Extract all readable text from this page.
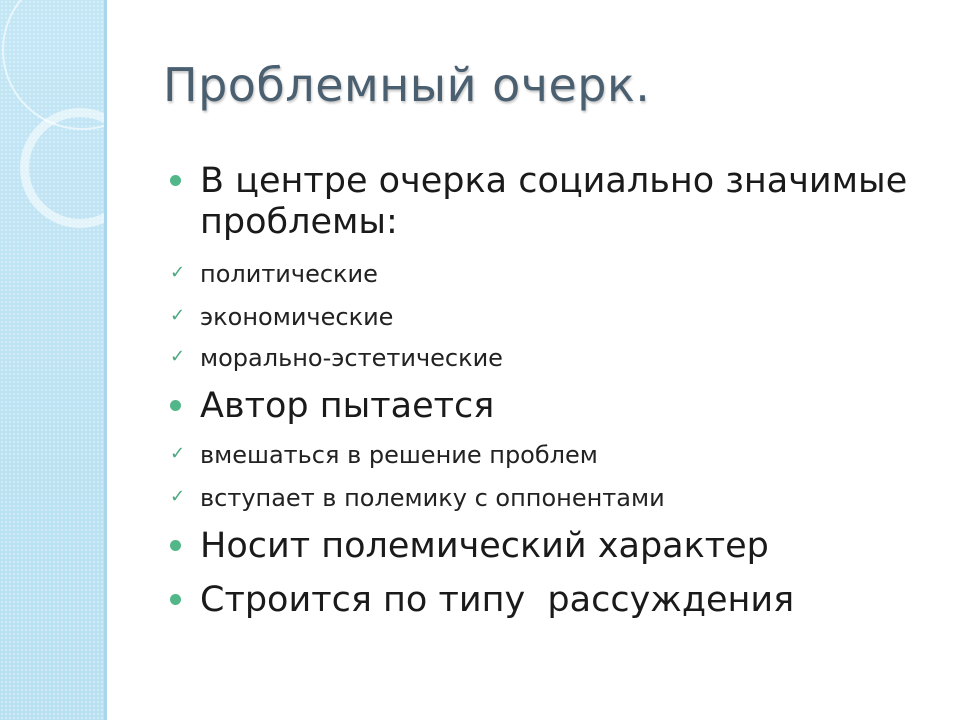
Проблемный очерк.
В центре очерка социально значимые
проблемы:
✓ политические
✓ экономические
✓ морально-эстетические
Автор пытается
✓ вмешаться в решение проблем
✓ вступает в полемику с оппонентами
Носит полемический характер
Строится по типу  рассуждения
